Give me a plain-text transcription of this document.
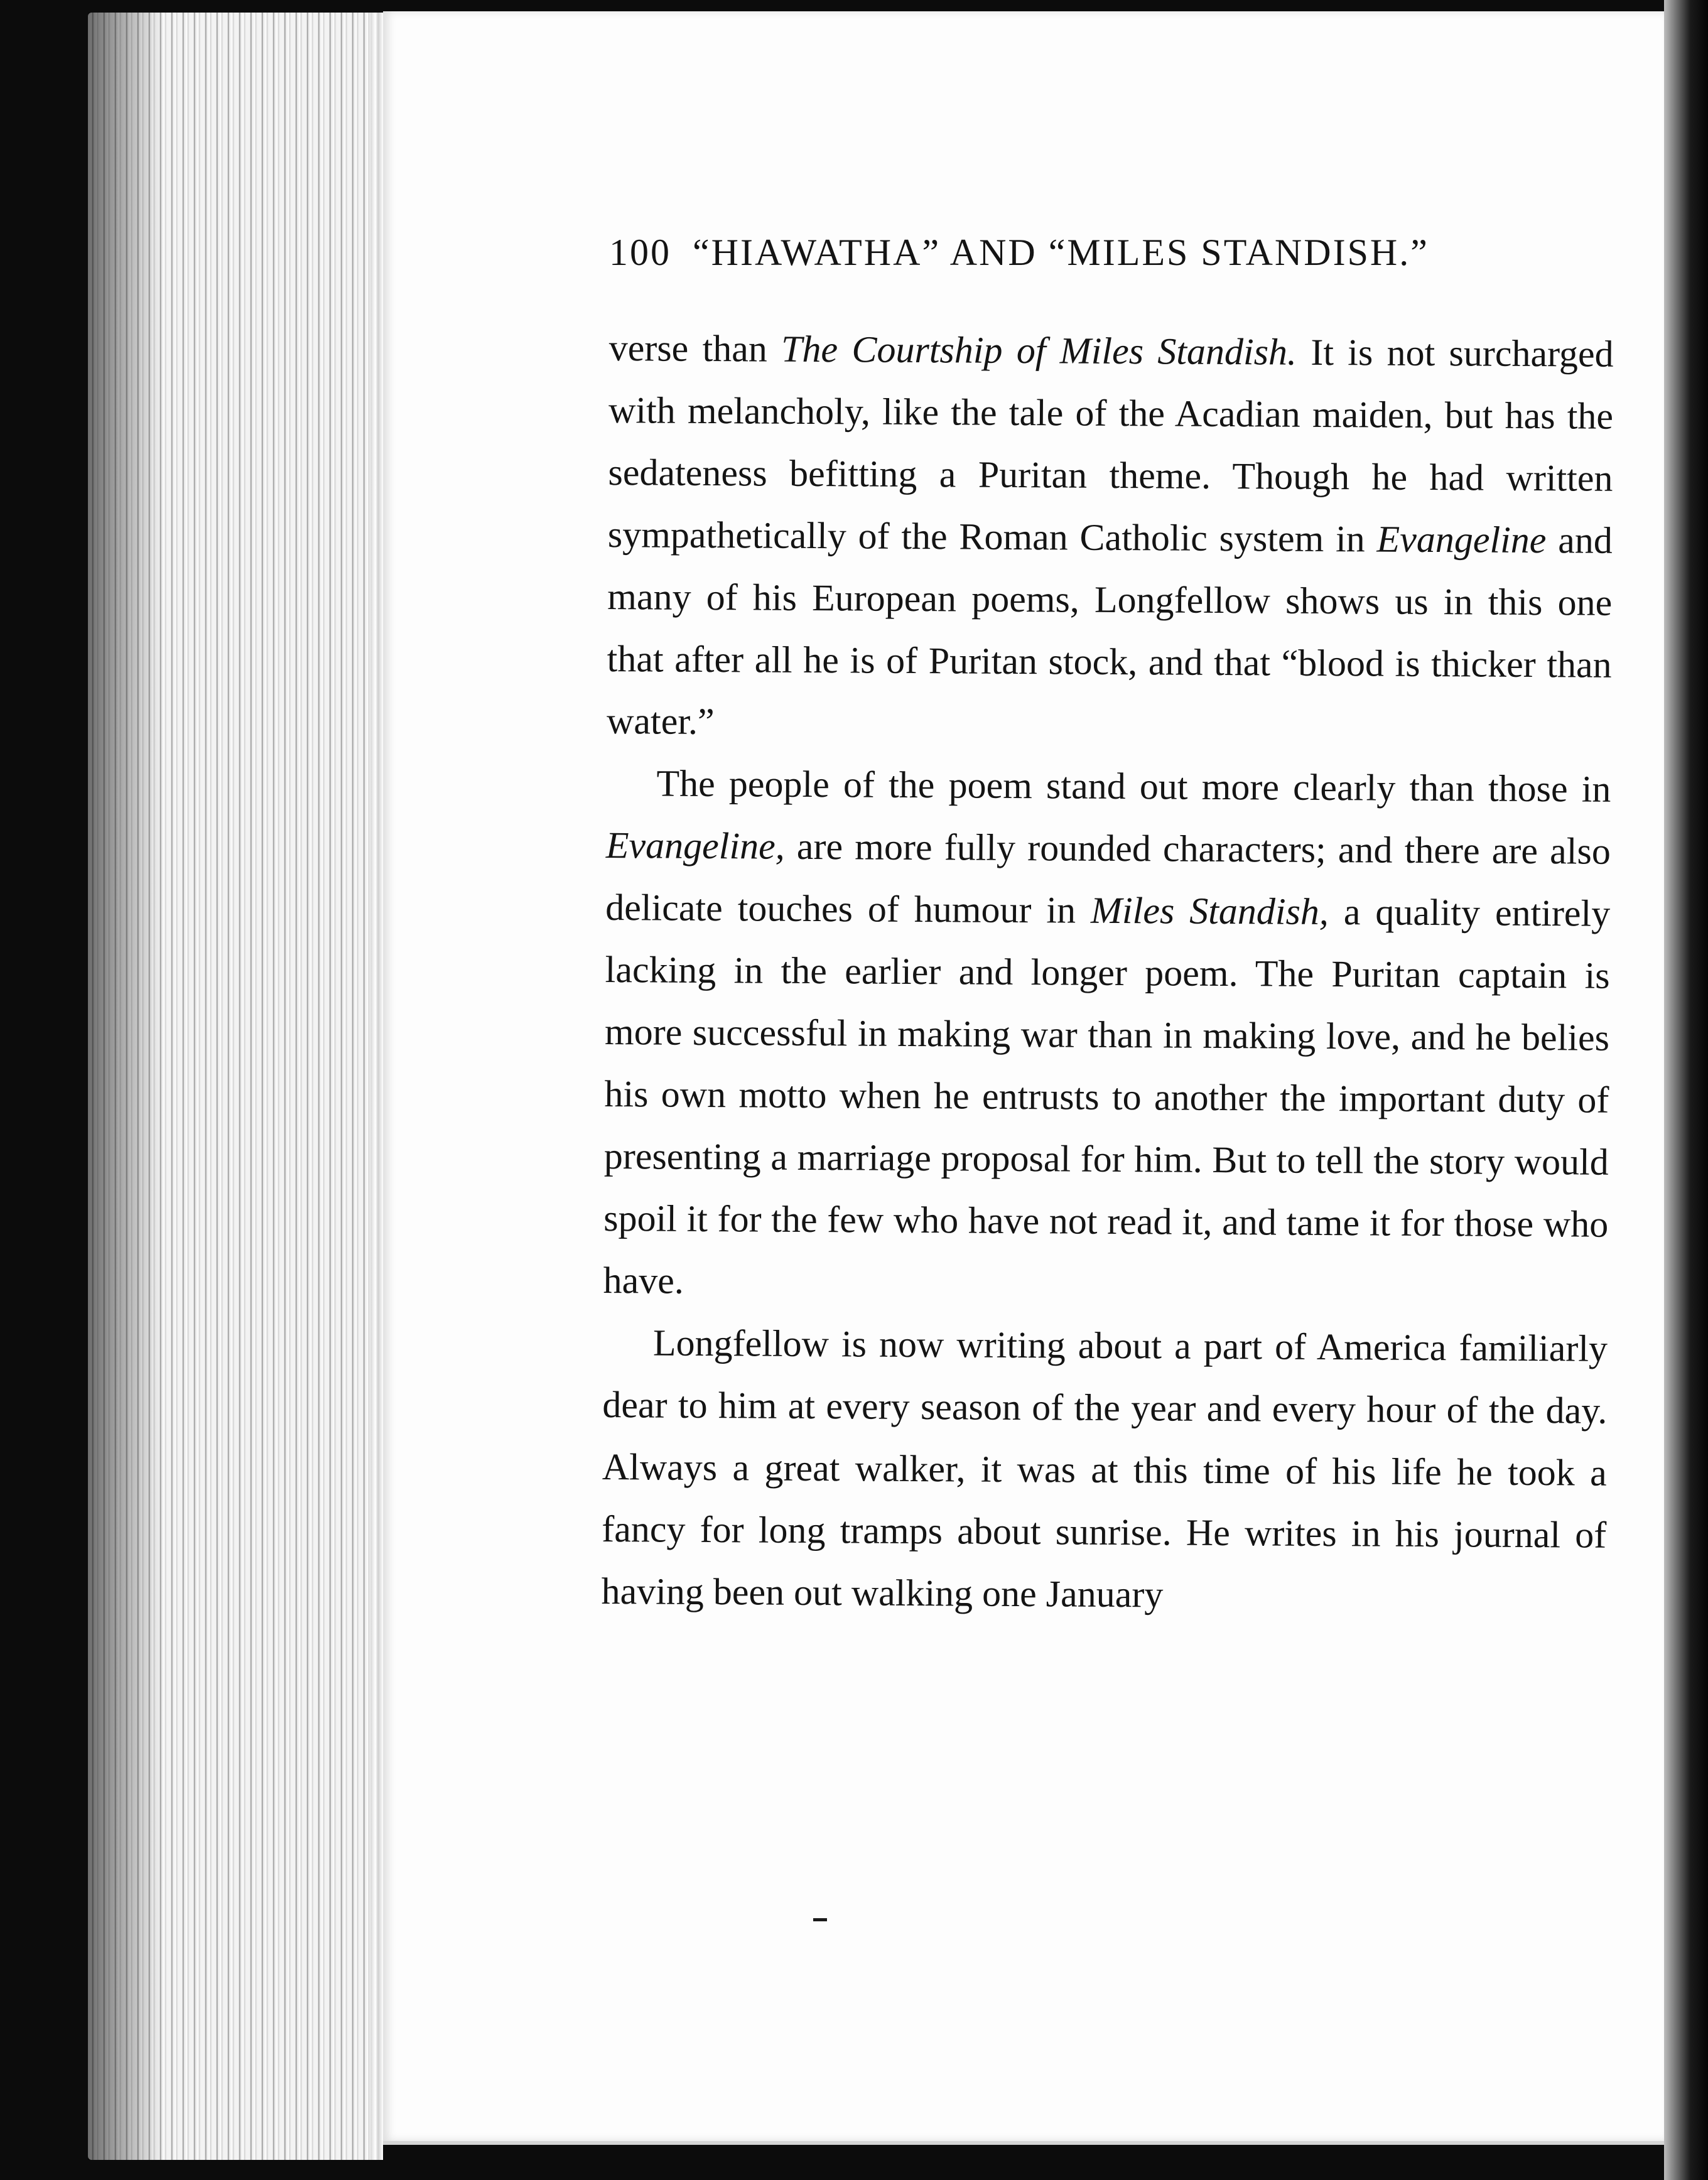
100 “HIAWATHA” AND “MILES STANDISH.”

verse than The Courtship of Miles Standish. It is not surcharged with melancholy, like the tale of the Acadian maiden, but has the sedateness befitting a Puritan theme. Though he had written sympathetically of the Roman Catholic system in Evangeline and many of his European poems, Longfellow shows us in this one that after all he is of Puritan stock, and that “blood is thicker than water.”

The people of the poem stand out more clearly than those in Evangeline, are more fully rounded characters; and there are also delicate touches of humour in Miles Standish, a quality entirely lacking in the earlier and longer poem. The Puritan captain is more successful in making war than in making love, and he belies his own motto when he entrusts to another the important duty of presenting a marriage proposal for him. But to tell the story would spoil it for the few who have not read it, and tame it for those who have.

Longfellow is now writing about a part of America familiarly dear to him at every season of the year and every hour of the day. Always a great walker, it was at this time of his life he took a fancy for long tramps about sunrise. He writes in his journal of having been out walking one January
